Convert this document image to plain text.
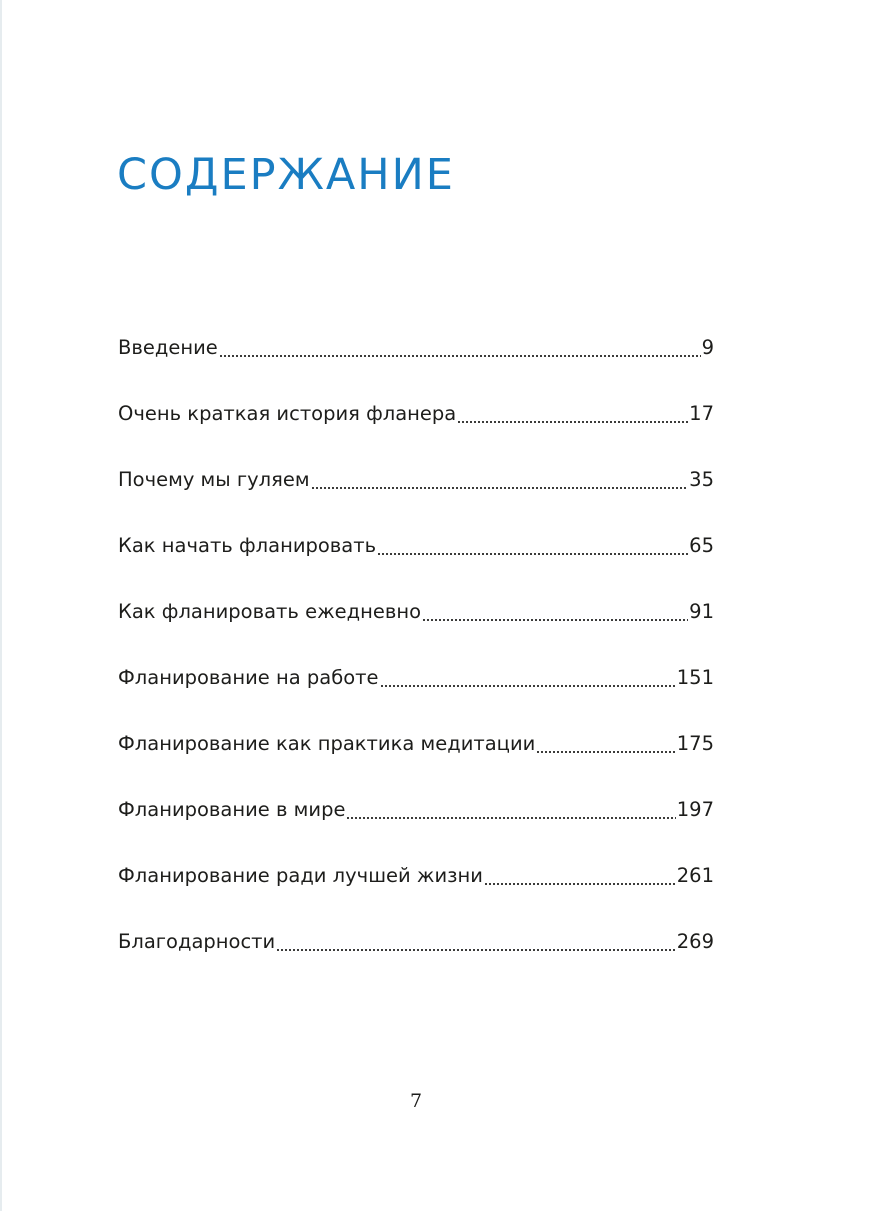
СОДЕРЖАНИЕ
Введение	9
Очень краткая история фланера	17
Почему мы гуляем	35
Как начать фланировать	65
Как фланировать ежедневно	91
Фланирование на работе	151
Фланирование как практика медитации	175
Фланирование в мире	197
Фланирование ради лучшей жизни	261
Благодарности	269
7
